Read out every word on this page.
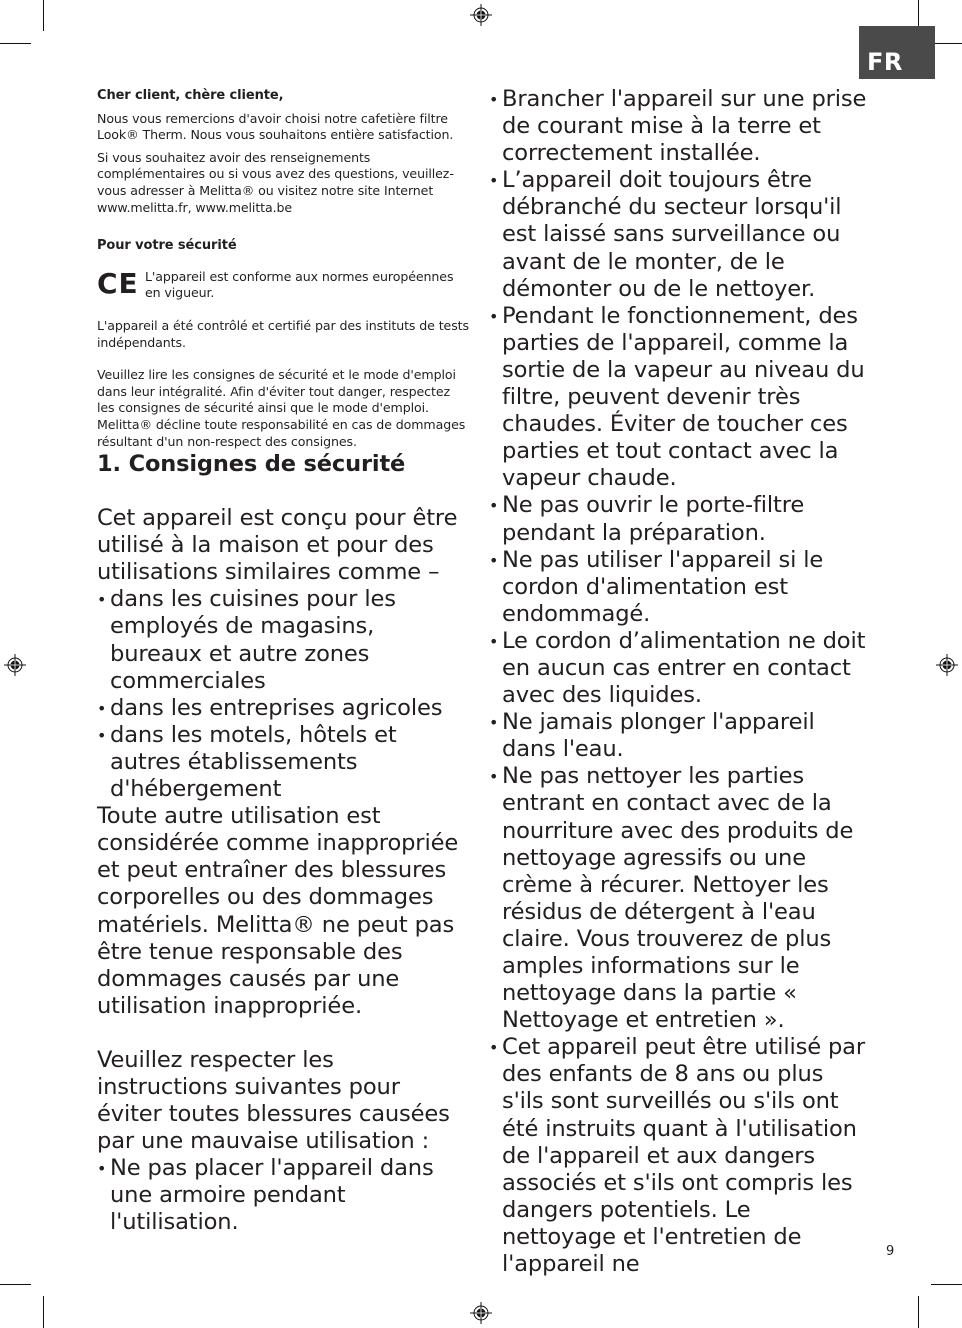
FR

Cher client, chère cliente,

Nous vous remercions d'avoir choisi notre cafetière filtre Look® Therm. Nous vous souhaitons entière satisfaction.

Si vous souhaitez avoir des renseignements complémentaires ou si vous avez des questions, veuillez-vous adresser à Melitta® ou visitez notre site Internet www.melitta.fr, www.melitta.be

Pour votre sécurité

CE L'appareil est conforme aux normes européennes en vigueur.

L'appareil a été contrôlé et certifié par des instituts de tests indépendants.

Veuillez lire les consignes de sécurité et le mode d'emploi dans leur intégralité. Afin d'éviter tout danger, respectez les consignes de sécurité ainsi que le mode d'emploi. Melitta® décline toute responsabilité en cas de dommages résultant d'un non-respect des consignes.

1. Consignes de sécurité

Cet appareil est conçu pour être utilisé à la maison et pour des utilisations similaires comme –

• dans les cuisines pour les employés de magasins, bureaux et autre zones commerciales
• dans les entreprises agricoles
• dans les motels, hôtels et autres établissements d'hébergement

Toute autre utilisation est considérée comme inappropriée et peut entraîner des blessures corporelles ou des dommages matériels. Melitta® ne peut pas être tenue responsable des dommages causés par une utilisation inappropriée.

Veuillez respecter les instructions suivantes pour éviter toutes blessures causées par une mauvaise utilisation :

• Ne pas placer l'appareil dans une armoire pendant l'utilisation.
• Brancher l'appareil sur une prise de courant mise à la terre et correctement installée.
• L’appareil doit toujours être débranché du secteur lorsqu'il est laissé sans surveillance ou avant de le monter, de le démonter ou de le nettoyer.
• Pendant le fonctionnement, des parties de l'appareil, comme la sortie de la vapeur au niveau du filtre, peuvent devenir très chaudes. Éviter de toucher ces parties et tout contact avec la vapeur chaude.
• Ne pas ouvrir le porte-filtre pendant la préparation.
• Ne pas utiliser l'appareil si le cordon d'alimentation est endommagé.
• Le cordon d’alimentation ne doit en aucun cas entrer en contact avec des liquides.
• Ne jamais plonger l'appareil dans l'eau.
• Ne pas nettoyer les parties entrant en contact avec de la nourriture avec des produits de nettoyage agressifs ou une crème à récurer. Nettoyer les résidus de détergent à l'eau claire. Vous trouverez de plus amples informations sur le nettoyage dans la partie « Nettoyage et entretien ».
• Cet appareil peut être utilisé par des enfants de 8 ans ou plus s'ils sont surveillés ou s'ils ont été instruits quant à l'utilisation de l'appareil et aux dangers associés et s'ils ont compris les dangers potentiels. Le nettoyage et l'entretien de l'appareil ne	9
